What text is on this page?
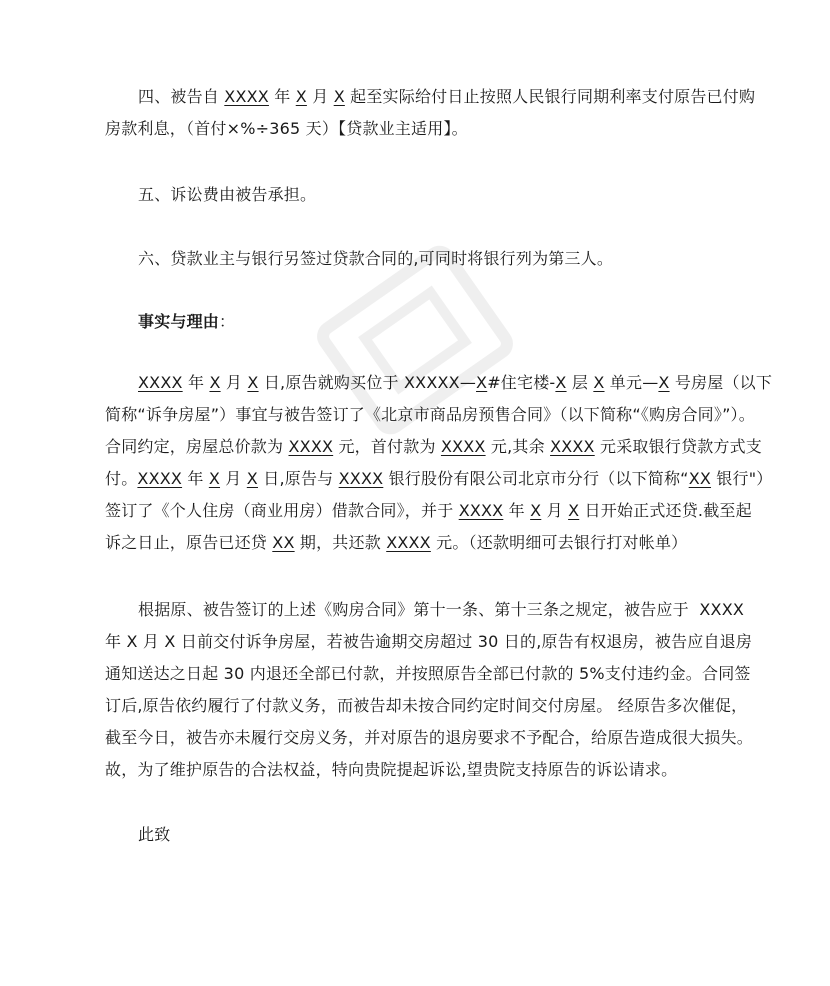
四、被告自 XXXX 年 X 月 X 起至实际给付日止按照人民银行同期利率支付原告已付购
房款利息，（首付×%÷365 天）【贷款业主适用】。
五、诉讼费由被告承担。
六、贷款业主与银行另签过贷款合同的,可同时将银行列为第三人。
事实与理由：
XXXX 年 X 月 X 日,原告就购买位于 XXXXX—X#住宅楼-X 层 X 单元—X 号房屋（以下
简称“诉争房屋”）事宜与被告签订了《北京市商品房预售合同》（以下简称“《购房合同》”）。
合同约定，房屋总价款为 XXXX 元，首付款为 XXXX 元,其余 XXXX 元采取银行贷款方式支
付。XXXX 年 X 月 X 日,原告与 XXXX 银行股份有限公司北京市分行（以下简称“XX 银行"）
签订了《个人住房（商业用房）借款合同》，并于 XXXX 年 X 月 X 日开始正式还贷.截至起
诉之日止，原告已还贷 XX 期，共还款 XXXX 元。（还款明细可去银行打对帐单）
根据原、被告签订的上述《购房合同》第十一条、第十三条之规定，被告应于  XXXX
年 X 月 X 日前交付诉争房屋，若被告逾期交房超过 30 日的,原告有权退房，被告应自退房
通知送达之日起 30 内退还全部已付款，并按照原告全部已付款的 5%支付违约金。合同签
订后,原告依约履行了付款义务，而被告却未按合同约定时间交付房屋。 经原告多次催促，
截至今日，被告亦未履行交房义务，并对原告的退房要求不予配合，给原告造成很大损失。
故，为了维护原告的合法权益，特向贵院提起诉讼,望贵院支持原告的诉讼请求。
此致
